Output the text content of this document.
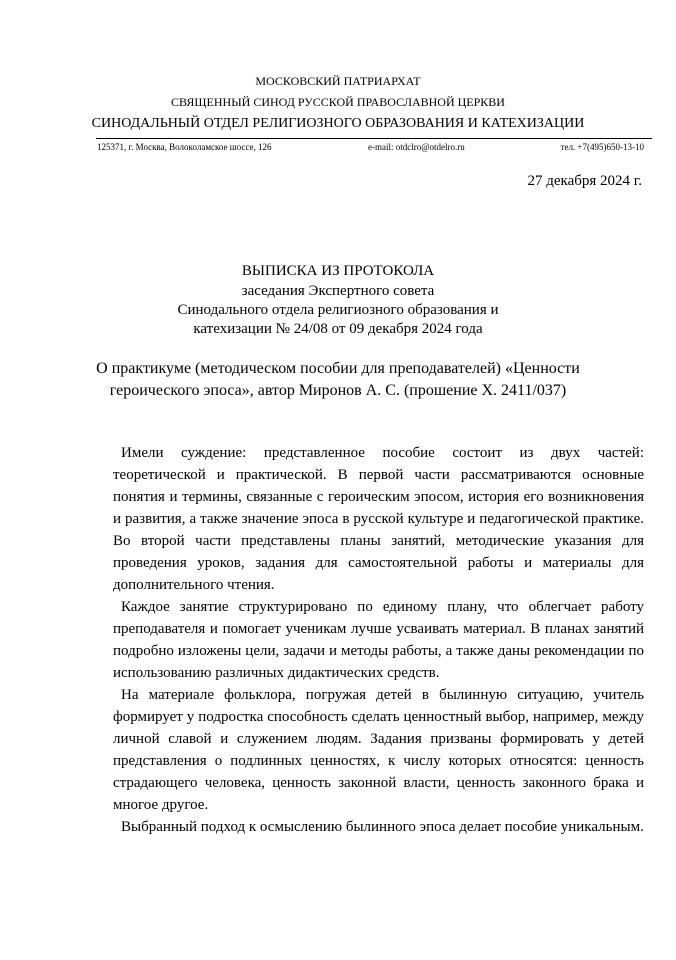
МОСКОВСКИЙ ПАТРИАРХАТ
СВЯЩЕННЫЙ СИНОД РУССКОЙ ПРАВОСЛАВНОЙ ЦЕРКВИ
СИНОДАЛЬНЫЙ ОТДЕЛ РЕЛИГИОЗНОГО ОБРАЗОВАНИЯ И КАТЕХИЗАЦИИ
125371, г. Москва, Волоколамское шоссе, 126	e-mail: otdclro@otdelro.ru	тел. +7(495)650-13-10
27 декабря 2024 г.
ВЫПИСКА ИЗ ПРОТОКОЛА
заседания Экспертного совета
Синодального отдела религиозного образования и
катехизации № 24/08 от 09 декабря 2024 года
О практикуме (методическом пособии для преподавателей) «Ценности
героического эпоса», автор Миронов А. С. (прошение Х. 2411/037)

Имели суждение: представленное пособие состоит из двух частей: теоретической и практической. В первой части рассматриваются основные понятия и термины, связанные с героическим эпосом, история его возникновения и развития, а также значение эпоса в русской культуре и педагогической практике. Во второй части представлены планы занятий, методические указания для проведения уроков, задания для самостоятельной работы и материалы для дополнительного чтения.

Каждое занятие структурировано по единому плану, что облегчает работу преподавателя и помогает ученикам лучше усваивать материал. В планах занятий подробно изложены цели, задачи и методы работы, а также даны рекомендации по использованию различных дидактических средств.

На материале фольклора, погружая детей в былинную ситуацию, учитель формирует у подростка способность сделать ценностный выбор, например, между личной славой и служением людям. Задания призваны формировать у детей представления о подлинных ценностях, к числу которых относятся: ценность страдающего человека, ценность законной власти, ценность законного брака и многое другое.

Выбранный подход к осмыслению былинного эпоса делает пособие уникальным.
